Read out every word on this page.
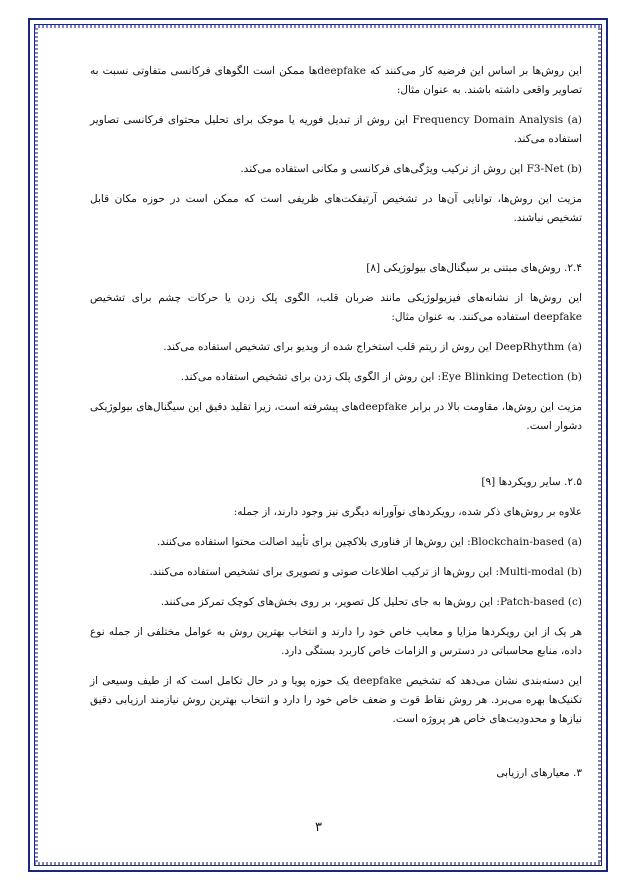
این روش‌ها بر اساس این فرضیه کار می‌کنند که deepfakeها ممکن است الگوهای فرکانسی متفاوتی نسبت به تصاویر واقعی داشته باشند. به عنوان مثال:

(a) Frequency Domain Analysis این روش از تبدیل فوریه یا موجک برای تحلیل محتوای فرکانسی تصاویر استفاده می‌کند.

(b) F3-Net این روش از ترکیب ویژگی‌های فرکانسی و مکانی استفاده می‌کند.

مزیت این روش‌ها، توانایی آن‌ها در تشخیص آرتیفکت‌های ظریفی است که ممکن است در حوزه مکان قابل تشخیص نباشند.

۲.۴. روش‌های مبتنی بر سیگنال‌های بیولوژیکی [۸]

این روش‌ها از نشانه‌های فیزیولوژیکی مانند ضربان قلب، الگوی پلک زدن یا حرکات چشم برای تشخیص deepfake استفاده می‌کنند. به عنوان مثال:

(a) DeepRhythm این روش از ریتم قلب استخراج شده از ویدیو برای تشخیص استفاده می‌کند.

(b) Eye Blinking Detection: این روش از الگوی پلک زدن برای تشخیص استفاده می‌کند.

مزیت این روش‌ها، مقاومت بالا در برابر deepfakeهای پیشرفته است، زیرا تقلید دقیق این سیگنال‌های بیولوژیکی دشوار است.

۲.۵. سایر رویکردها [۹]

علاوه بر روش‌های ذکر شده، رویکردهای نوآورانه دیگری نیز وجود دارند، از جمله:

(a) Blockchain-based: این روش‌ها از فناوری بلاکچین برای تأیید اصالت محتوا استفاده می‌کنند.

(b) Multi-modal: این روش‌ها از ترکیب اطلاعات صوتی و تصویری برای تشخیص استفاده می‌کنند.

(c) Patch-based: این روش‌ها به جای تحلیل کل تصویر، بر روی بخش‌های کوچک تمرکز می‌کنند.

هر یک از این رویکردها مزایا و معایب خاص خود را دارند و انتخاب بهترین روش به عوامل مختلفی از جمله نوع داده، منابع محاسباتی در دسترس و الزامات خاص کاربرد بستگی دارد.

این دسته‌بندی نشان می‌دهد که تشخیص deepfake یک حوزه پویا و در حال تکامل است که از طیف وسیعی از تکنیک‌ها بهره می‌برد. هر روش نقاط قوت و ضعف خاص خود را دارد و انتخاب بهترین روش نیازمند ارزیابی دقیق نیازها و محدودیت‌های خاص هر پروژه است.

۳. معیارهای ارزیابی
۳
